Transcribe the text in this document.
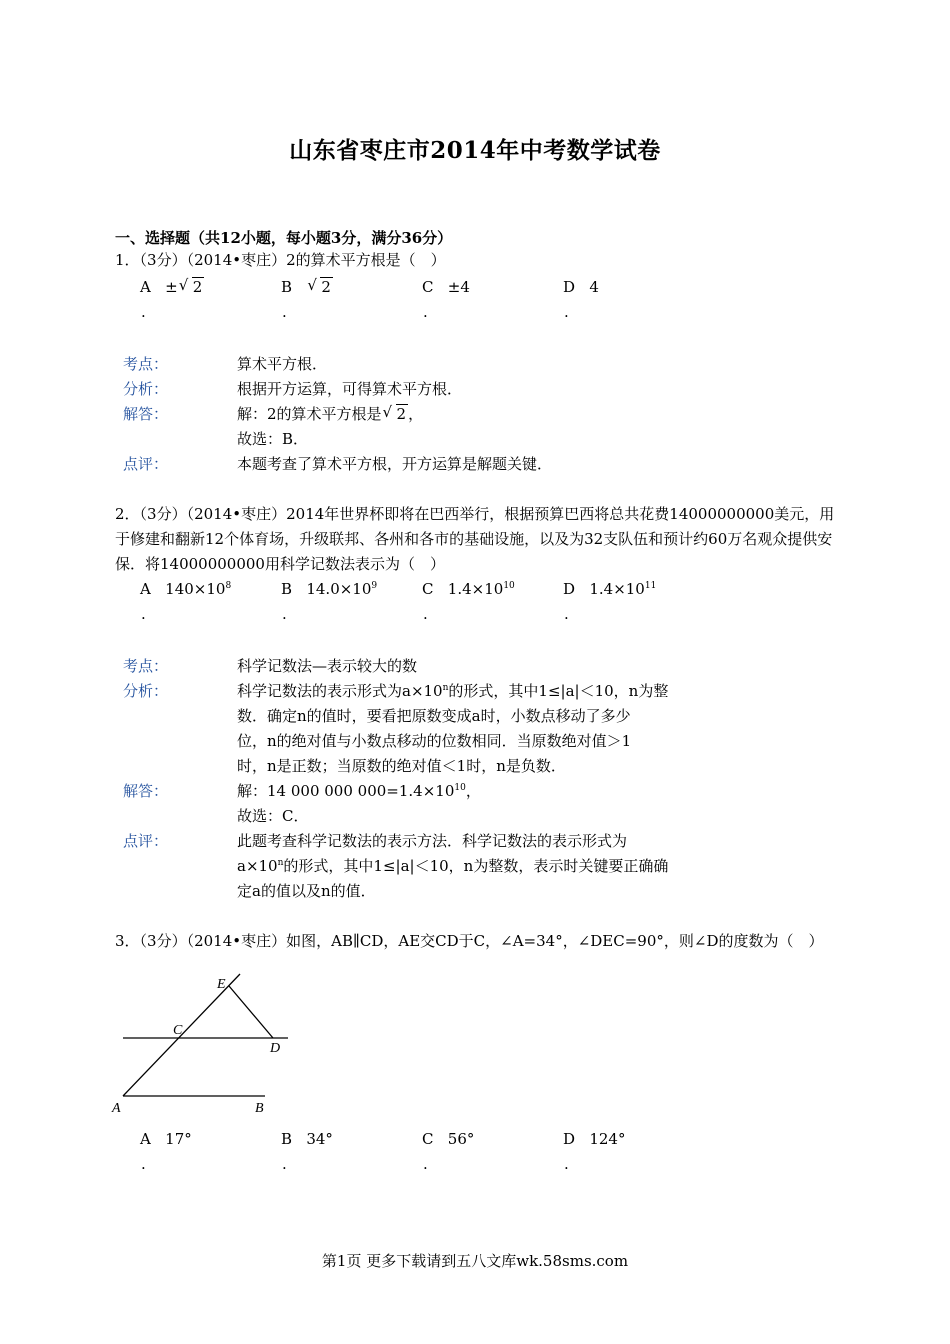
山东省枣庄市2014年中考数学试卷
一、选择题（共12小题，每小题3分，满分36分）
1．（3分）（2014•枣庄）2的算术平方根是（　）
A ± √ 2	B √ 2	C ±4	D 4
.	.	.	.
考点：	算术平方根．
分析：	根据开方运算，可得算术平方根．
解答：	解：2的算术平方根是 √ 2 ，
故选：B．
点评：	本题考查了算术平方根，开方运算是解题关键．
2．（3分）（2014•枣庄）2014年世界杯即将在巴西举行，根据预算巴西将总共花费14000000000美元，用于修建和翻新12个体育场，升级联邦、各州和各市的基础设施，以及为32支队伍和预计约60万名观众提供安保．将14000000000用科学记数法表示为（　）
A $140\times 10^8$	B $14.0\times 10^9$	C $1.4\times 10^{10}$	D $1.4\times 10^{11}$
.	.	.	.
考点：	科学记数法—表示较大的数
分析：	科学记数法的表示形式为$a\times 10^n$的形式，其中1≤|a|＜10，n为整
数．确定n的值时，要看把原数变成a时，小数点移动了多少
位，n的绝对值与小数点移动的位数相同．当原数绝对值＞1
时，n是正数；当原数的绝对值＜1时，n是负数．
解答：	解：14 000 000 $000=1.4\times 10^{10}$，
故选：C．
点评：	此题考查科学记数法的表示方法．科学记数法的表示形式为
$a\times 10^n$的形式，其中1≤|a|＜10，n为整数，表示时关键要正确确
定a的值以及n的值．
3．（3分）（2014•枣庄）如图，AB∥CD，AE交CD于C，∠A=34°，∠DEC=90°，则∠D的度数为（　）
E
C
D
A	B
A 17°	B 34°	C 56°	D 124°
.	.	.	.
第1页 更多下载请到五八文库wk.58sms.com
